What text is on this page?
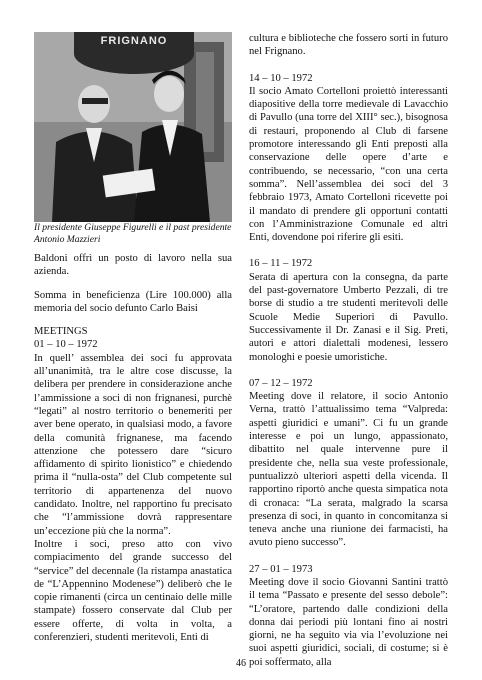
FRIGNANO

Il presidente Giuseppe Figurelli e il past presidente Antonio Mazzieri

Baldoni offrì un posto di lavoro nella sua azienda.

Somma in beneficienza (Lire 100.000) alla memoria del socio defunto Carlo Baisi

MEETINGS

01 – 10 – 1972

In quell’ assemblea dei soci fu approvata all’unanimità, tra le altre cose discusse, la delibera per prendere in considerazione anche l’ammissione a soci di non frignanesi, purchè “legati” al nostro territorio o benemeriti per aver bene operato, in qualsiasi modo, a favore della comunità frignanese, ma facendo attenzione che potessero dare “sicuro affidamento di spirito lionistico” e chiedendo prima il “nulla-osta” del Club competente sul territorio di appartenenza del nuovo candidato. Inoltre, nel rapportino fu precisato che “l’ammissione dovrà rappresentare un’eccezione più che la norma”.

Inoltre i soci, preso atto con vivo compiacimento del grande successo del “service” del decennale (la ristampa anastatica de “L’Appennino Modenese”) deliberò che le copie rimanenti (circa un centinaio delle mille stampate) fossero conservate dal Club per essere offerte, di volta in volta, a conferenzieri, studenti meritevoli, Enti di

cultura e biblioteche che fossero sorti in futuro nel Frignano.

14 – 10 – 1972

Il socio Amato Cortelloni proiettò interessanti diapositive della torre medievale di Lavacchio di Pavullo (una torre del XIII° sec.), bisognosa di restauri, proponendo al Club di farsene promotore interessando gli Enti preposti alla conservazione delle opere d’arte e contribuendo, se necessario, “con una certa somma”. Nell’assemblea dei soci del 3 febbraio 1973, Amato Cortelloni ricevette poi il mandato di prendere gli opportuni contatti con l’Amministrazione Comunale ed altri Enti, dovendone poi riferire gli esiti.

16 – 11 – 1972

Serata di apertura con la consegna, da parte del past-governatore Umberto Pezzali, di tre borse di studio a tre studenti meritevoli delle Scuole Medie Superiori di Pavullo. Successivamente il Dr. Zanasi e il Sig. Preti, autori e attori dialettali modenesi, lessero monologhi e poesie umoristiche.

07 – 12 – 1972

Meeting dove il relatore, il socio Antonio Verna, trattò l’attualissimo tema “Valpreda: aspetti giuridici e umani”. Ci fu un grande interesse e poi un lungo, appassionato, dibattito nel quale intervenne pure il presidente che, nella sua veste professionale, puntualizzò ulteriori aspetti della vicenda. Il rapportino riportò anche questa simpatica nota di cronaca: “La serata, malgrado la scarsa presenza di soci, in quanto in concomitanza si teneva anche una riunione dei farmacisti, ha avuto pieno successo”.

27 – 01 – 1973

Meeting dove il socio Giovanni Santini trattò il tema “Passato e presente del sesso debole”: “L’oratore, partendo dalle condizioni della donna dai periodi più lontani fino ai nostri giorni, ne ha seguito via via l’evoluzione nei suoi aspetti giuridici, sociali, di costume; si è poi soffermato, alla

46
